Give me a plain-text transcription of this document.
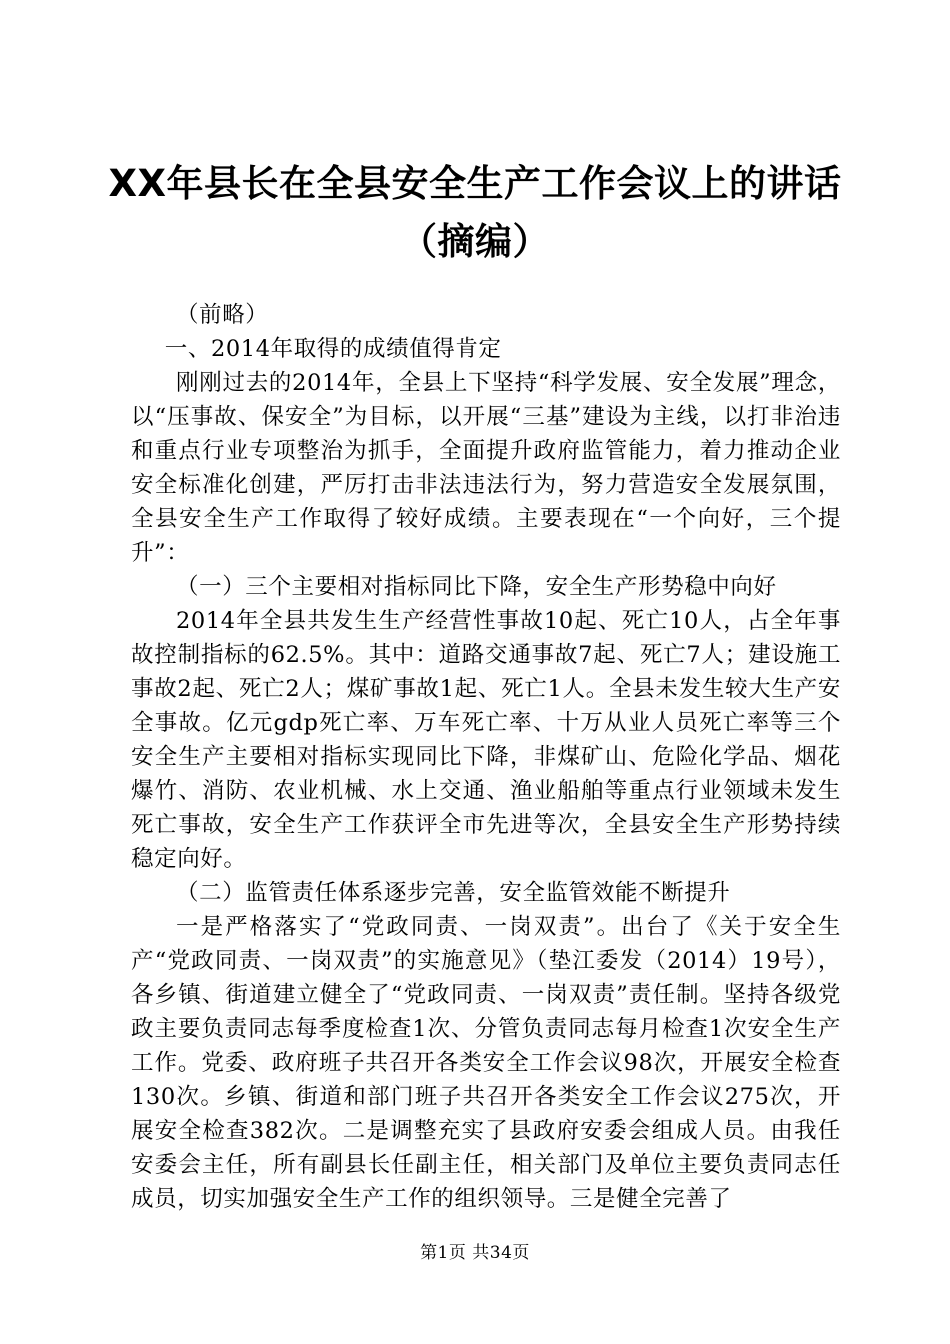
XX年县长在全县安全生产工作会议上的讲话
（摘编）

（前略）

一、2014年取得的成绩值得肯定

刚刚过去的2014年，全县上下坚持“科学发展、安全发展”理念，以“压事故、保安全”为目标，以开展“三基”建设为主线，以打非治违和重点行业专项整治为抓手，全面提升政府监管能力，着力推动企业安全标准化创建，严厉打击非法违法行为，努力营造安全发展氛围，全县安全生产工作取得了较好成绩。主要表现在“一个向好，三个提升”：

（一）三个主要相对指标同比下降，安全生产形势稳中向好

2014年全县共发生生产经营性事故10起、死亡10人，占全年事故控制指标的62.5%。其中：道路交通事故7起、死亡7人；建设施工事故2起、死亡2人；煤矿事故1起、死亡1人。全县未发生较大生产安全事故。亿元gdp死亡率、万车死亡率、十万从业人员死亡率等三个安全生产主要相对指标实现同比下降，非煤矿山、危险化学品、烟花爆竹、消防、农业机械、水上交通、渔业船舶等重点行业领域未发生死亡事故，安全生产工作获评全市先进等次，全县安全生产形势持续稳定向好。

（二）监管责任体系逐步完善，安全监管效能不断提升

一是严格落实了“党政同责、一岗双责”。出台了《关于安全生产“党政同责、一岗双责”的实施意见》（垫江委发（2014）19号），各乡镇、街道建立健全了“党政同责、一岗双责”责任制。坚持各级党政主要负责同志每季度检查1次、分管负责同志每月检查1次安全生产工作。党委、政府班子共召开各类安全工作会议98次，开展安全检查130次。乡镇、街道和部门班子共召开各类安全工作会议275次，开展安全检查382次。二是调整充实了县政府安委会组成人员。由我任安委会主任，所有副县长任副主任，相关部门及单位主要负责同志任成员，切实加强安全生产工作的组织领导。三是健全完善了

第1页 共34页
